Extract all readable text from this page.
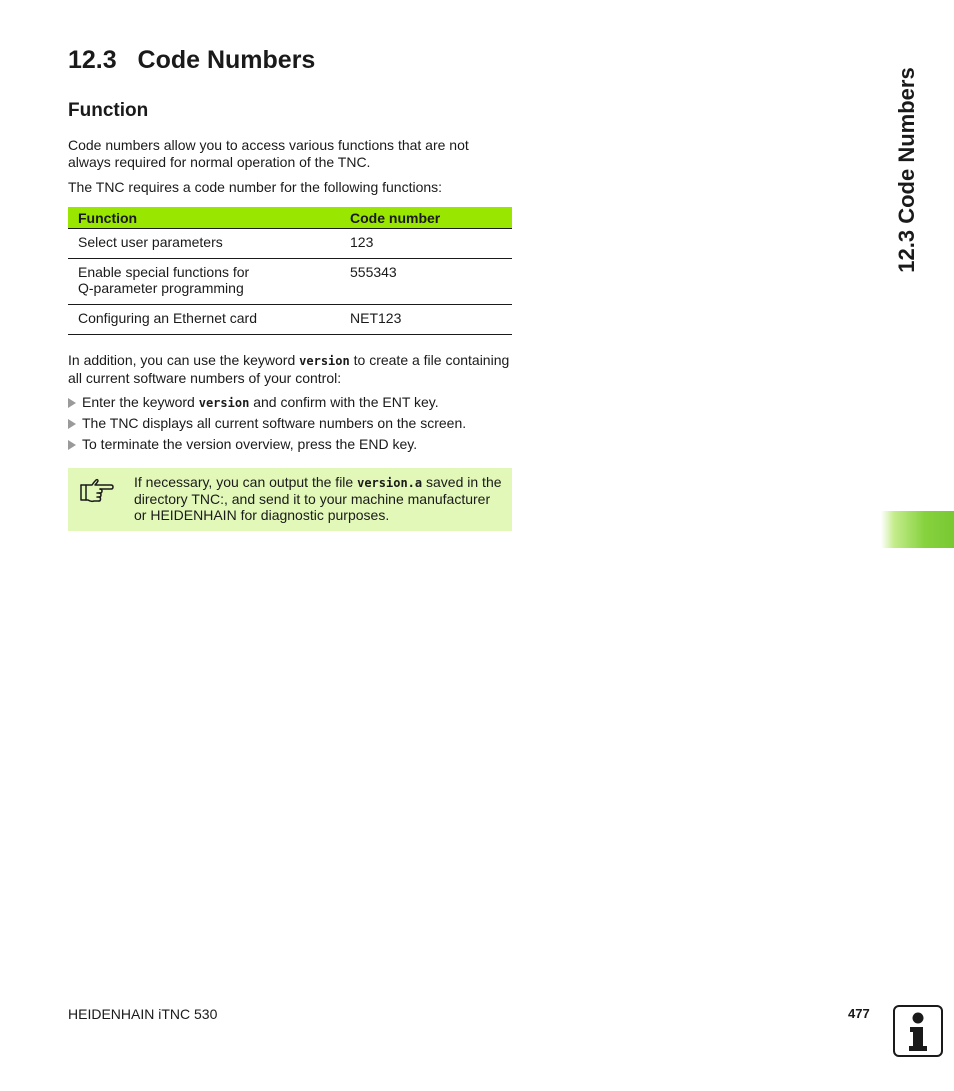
12.3 Code Numbers
Function
Code numbers allow you to access various functions that are not always required for normal operation of the TNC.
The TNC requires a code number for the following functions:
Function	Code number
Select user parameters	123
Enable special functions for
Q-parameter programming	555343
Configuring an Ethernet card	NET123
In addition, you can use the keyword version to create a file containing all current software numbers of your control:
Enter the keyword version and confirm with the ENT key.
The TNC displays all current software numbers on the screen.
To terminate the version overview, press the END key.
If necessary, you can output the file version.a saved in the directory TNC:, and send it to your machine manufacturer or HEIDENHAIN for diagnostic purposes.
12.3 Code Numbers
HEIDENHAIN iTNC 530	477
